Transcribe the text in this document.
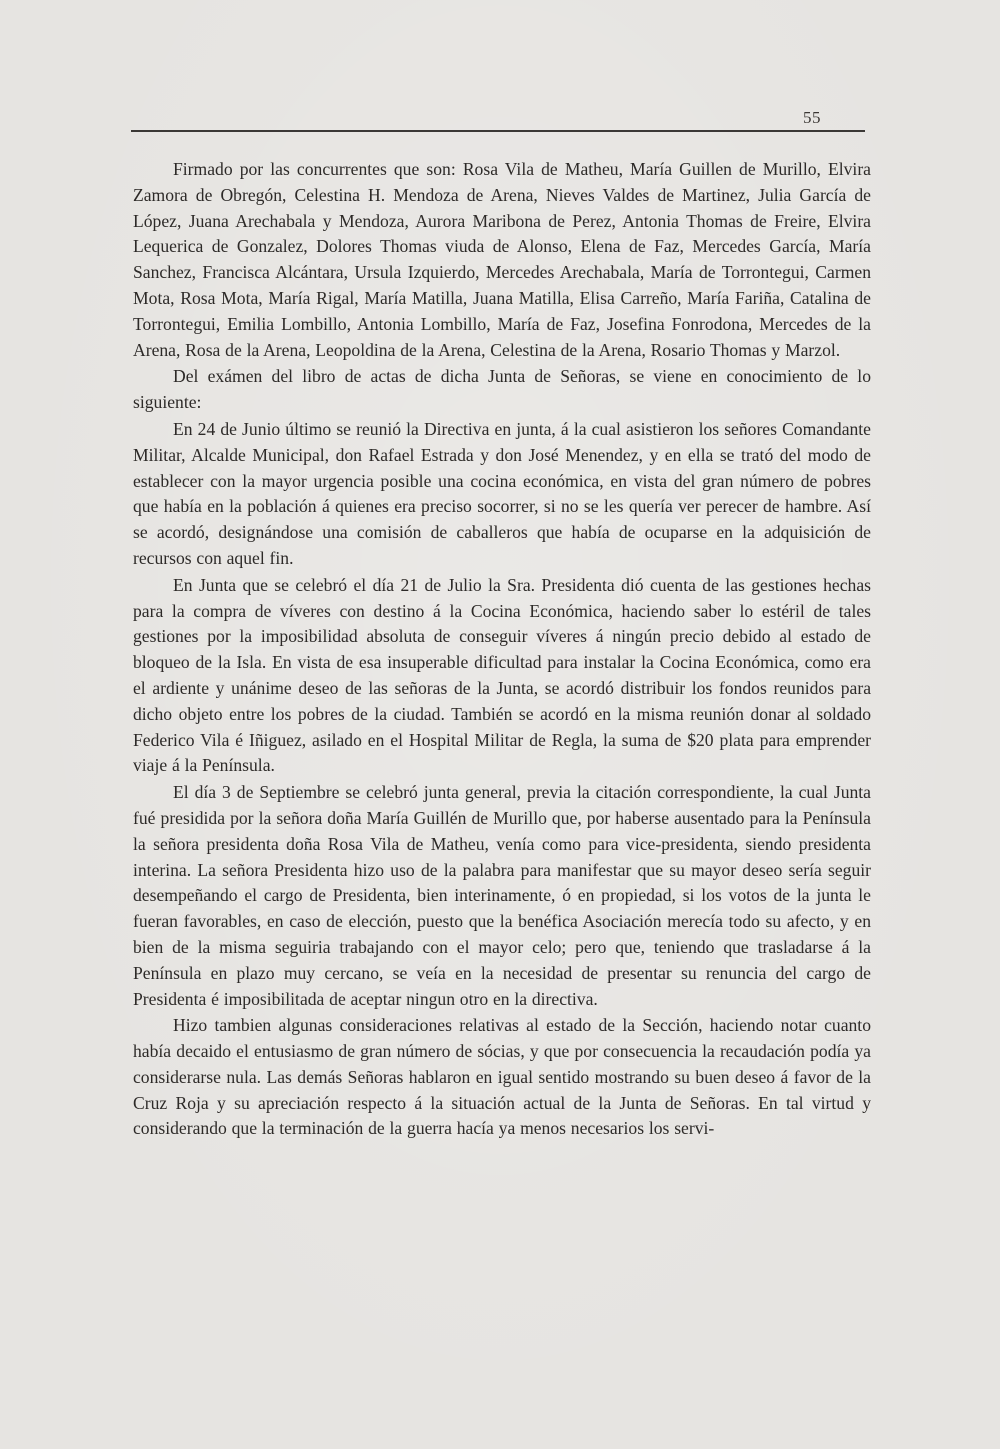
55

Firmado por las concurrentes que son: Rosa Vila de Matheu, María Guillen de Murillo, Elvira Zamora de Obregón, Celestina H. Mendoza de Arena, Nieves Valdes de Martinez, Julia García de López, Juana Arechabala y Mendoza, Aurora Maribona de Perez, Antonia Thomas de Freire, Elvira Lequerica de Gonzalez, Dolores Thomas viuda de Alonso, Elena de Faz, Mercedes García, María Sanchez, Francisca Alcántara, Ursula Izquierdo, Mercedes Arechabala, María de Torrontegui, Carmen Mota, Rosa Mota, María Rigal, María Matilla, Juana Matilla, Elisa Carreño, María Fariña, Catalina de Torrontegui, Emilia Lombillo, Antonia Lombillo, María de Faz, Josefina Fonrodona, Mercedes de la Arena, Rosa de la Arena, Leopoldina de la Arena, Celestina de la Arena, Rosario Thomas y Marzol.

Del exámen del libro de actas de dicha Junta de Señoras, se viene en conocimiento de lo siguiente:

En 24 de Junio último se reunió la Directiva en junta, á la cual asistieron los señores Comandante Militar, Alcalde Municipal, don Rafael Estrada y don José Menendez, y en ella se trató del modo de establecer con la mayor urgencia posible una cocina económica, en vista del gran número de pobres que había en la población á quienes era preciso socorrer, si no se les quería ver perecer de hambre. Así se acordó, designándose una comisión de caballeros que había de ocuparse en la adquisición de recursos con aquel fin.

En Junta que se celebró el día 21 de Julio la Sra. Presidenta dió cuenta de las gestiones hechas para la compra de víveres con destino á la Cocina Económica, haciendo saber lo estéril de tales gestiones por la imposibilidad absoluta de conseguir víveres á ningún precio debido al estado de bloqueo de la Isla. En vista de esa insuperable dificultad para instalar la Cocina Económica, como era el ardiente y unánime deseo de las señoras de la Junta, se acordó distribuir los fondos reunidos para dicho objeto entre los pobres de la ciudad. También se acordó en la misma reunión donar al soldado Federico Vila é Iñiguez, asilado en el Hospital Militar de Regla, la suma de $20 plata para emprender viaje á la Península.

El día 3 de Septiembre se celebró junta general, previa la citación correspondiente, la cual Junta fué presidida por la señora doña María Guillén de Murillo que, por haberse ausentado para la Península la señora presidenta doña Rosa Vila de Matheu, venía como para vice-presidenta, siendo presidenta interina. La señora Presidenta hizo uso de la palabra para manifestar que su mayor deseo sería seguir desempeñando el cargo de Presidenta, bien interinamente, ó en propiedad, si los votos de la junta le fueran favorables, en caso de elección, puesto que la benéfica Asociación merecía todo su afecto, y en bien de la misma seguiria trabajando con el mayor celo; pero que, teniendo que trasladarse á la Península en plazo muy cercano, se veía en la necesidad de presentar su renuncia del cargo de Presidenta é imposibilitada de aceptar ningun otro en la directiva.

Hizo tambien algunas consideraciones relativas al estado de la Sección, haciendo notar cuanto había decaido el entusiasmo de gran número de sócias, y que por consecuencia la recaudación podía ya considerarse nula. Las demás Señoras hablaron en igual sentido mostrando su buen deseo á favor de la Cruz Roja y su apreciación respecto á la situación actual de la Junta de Señoras. En tal virtud y considerando que la terminación de la guerra hacía ya menos necesarios los servi-
